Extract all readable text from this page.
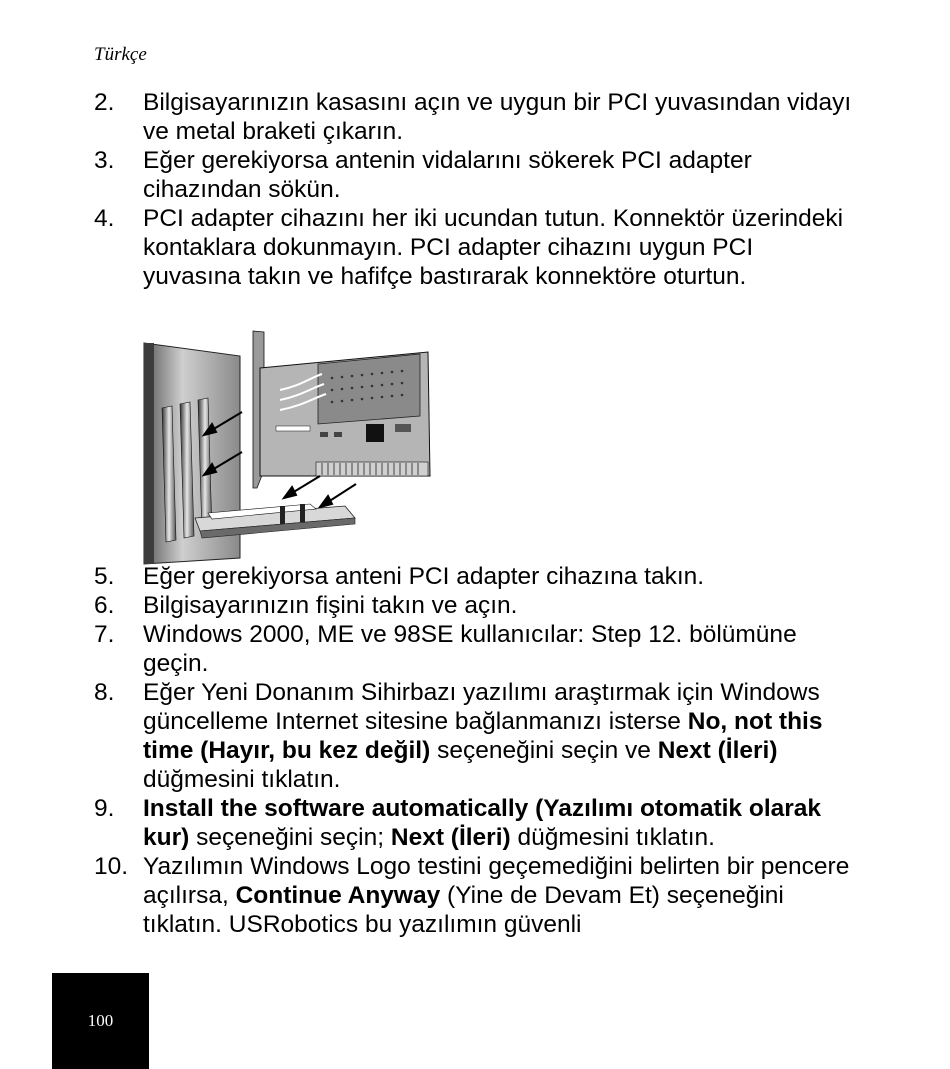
Türkçe
2.	Bilgisayarınızın kasasını açın ve uygun bir PCI yuvasından vidayı ve metal braketi çıkarın.
3.	Eğer gerekiyorsa antenin vidalarını sökerek PCI adapter cihazından sökün.
4.	PCI adapter cihazını her iki ucundan tutun. Konnektör üzerindeki kontaklara dokunmayın. PCI adapter cihazını uygun PCI yuvasına takın ve hafifçe bastırarak konnektöre oturtun.
5.	Eğer gerekiyorsa anteni PCI adapter cihazına takın.
6.	Bilgisayarınızın fişini takın ve açın.
7.	Windows 2000, ME ve 98SE kullanıcılar: Step 12. bölümüne geçin.
8.	Eğer Yeni Donanım Sihirbazı yazılımı araştırmak için Windows güncelleme Internet sitesine bağlanmanızı isterse No, not this time (Hayır, bu kez değil) seçeneğini seçin ve Next (İleri) düğmesini tıklatın.
9.	Install the software automatically (Yazılımı otomatik olarak kur) seçeneğini seçin; Next (İleri) düğmesini tıklatın.
10. Yazılımın Windows Logo testini geçemediğini belirten bir pencere açılırsa, Continue Anyway (Yine de Devam Et) seçeneğini tıklatın. USRobotics bu yazılımın güvenli
100
